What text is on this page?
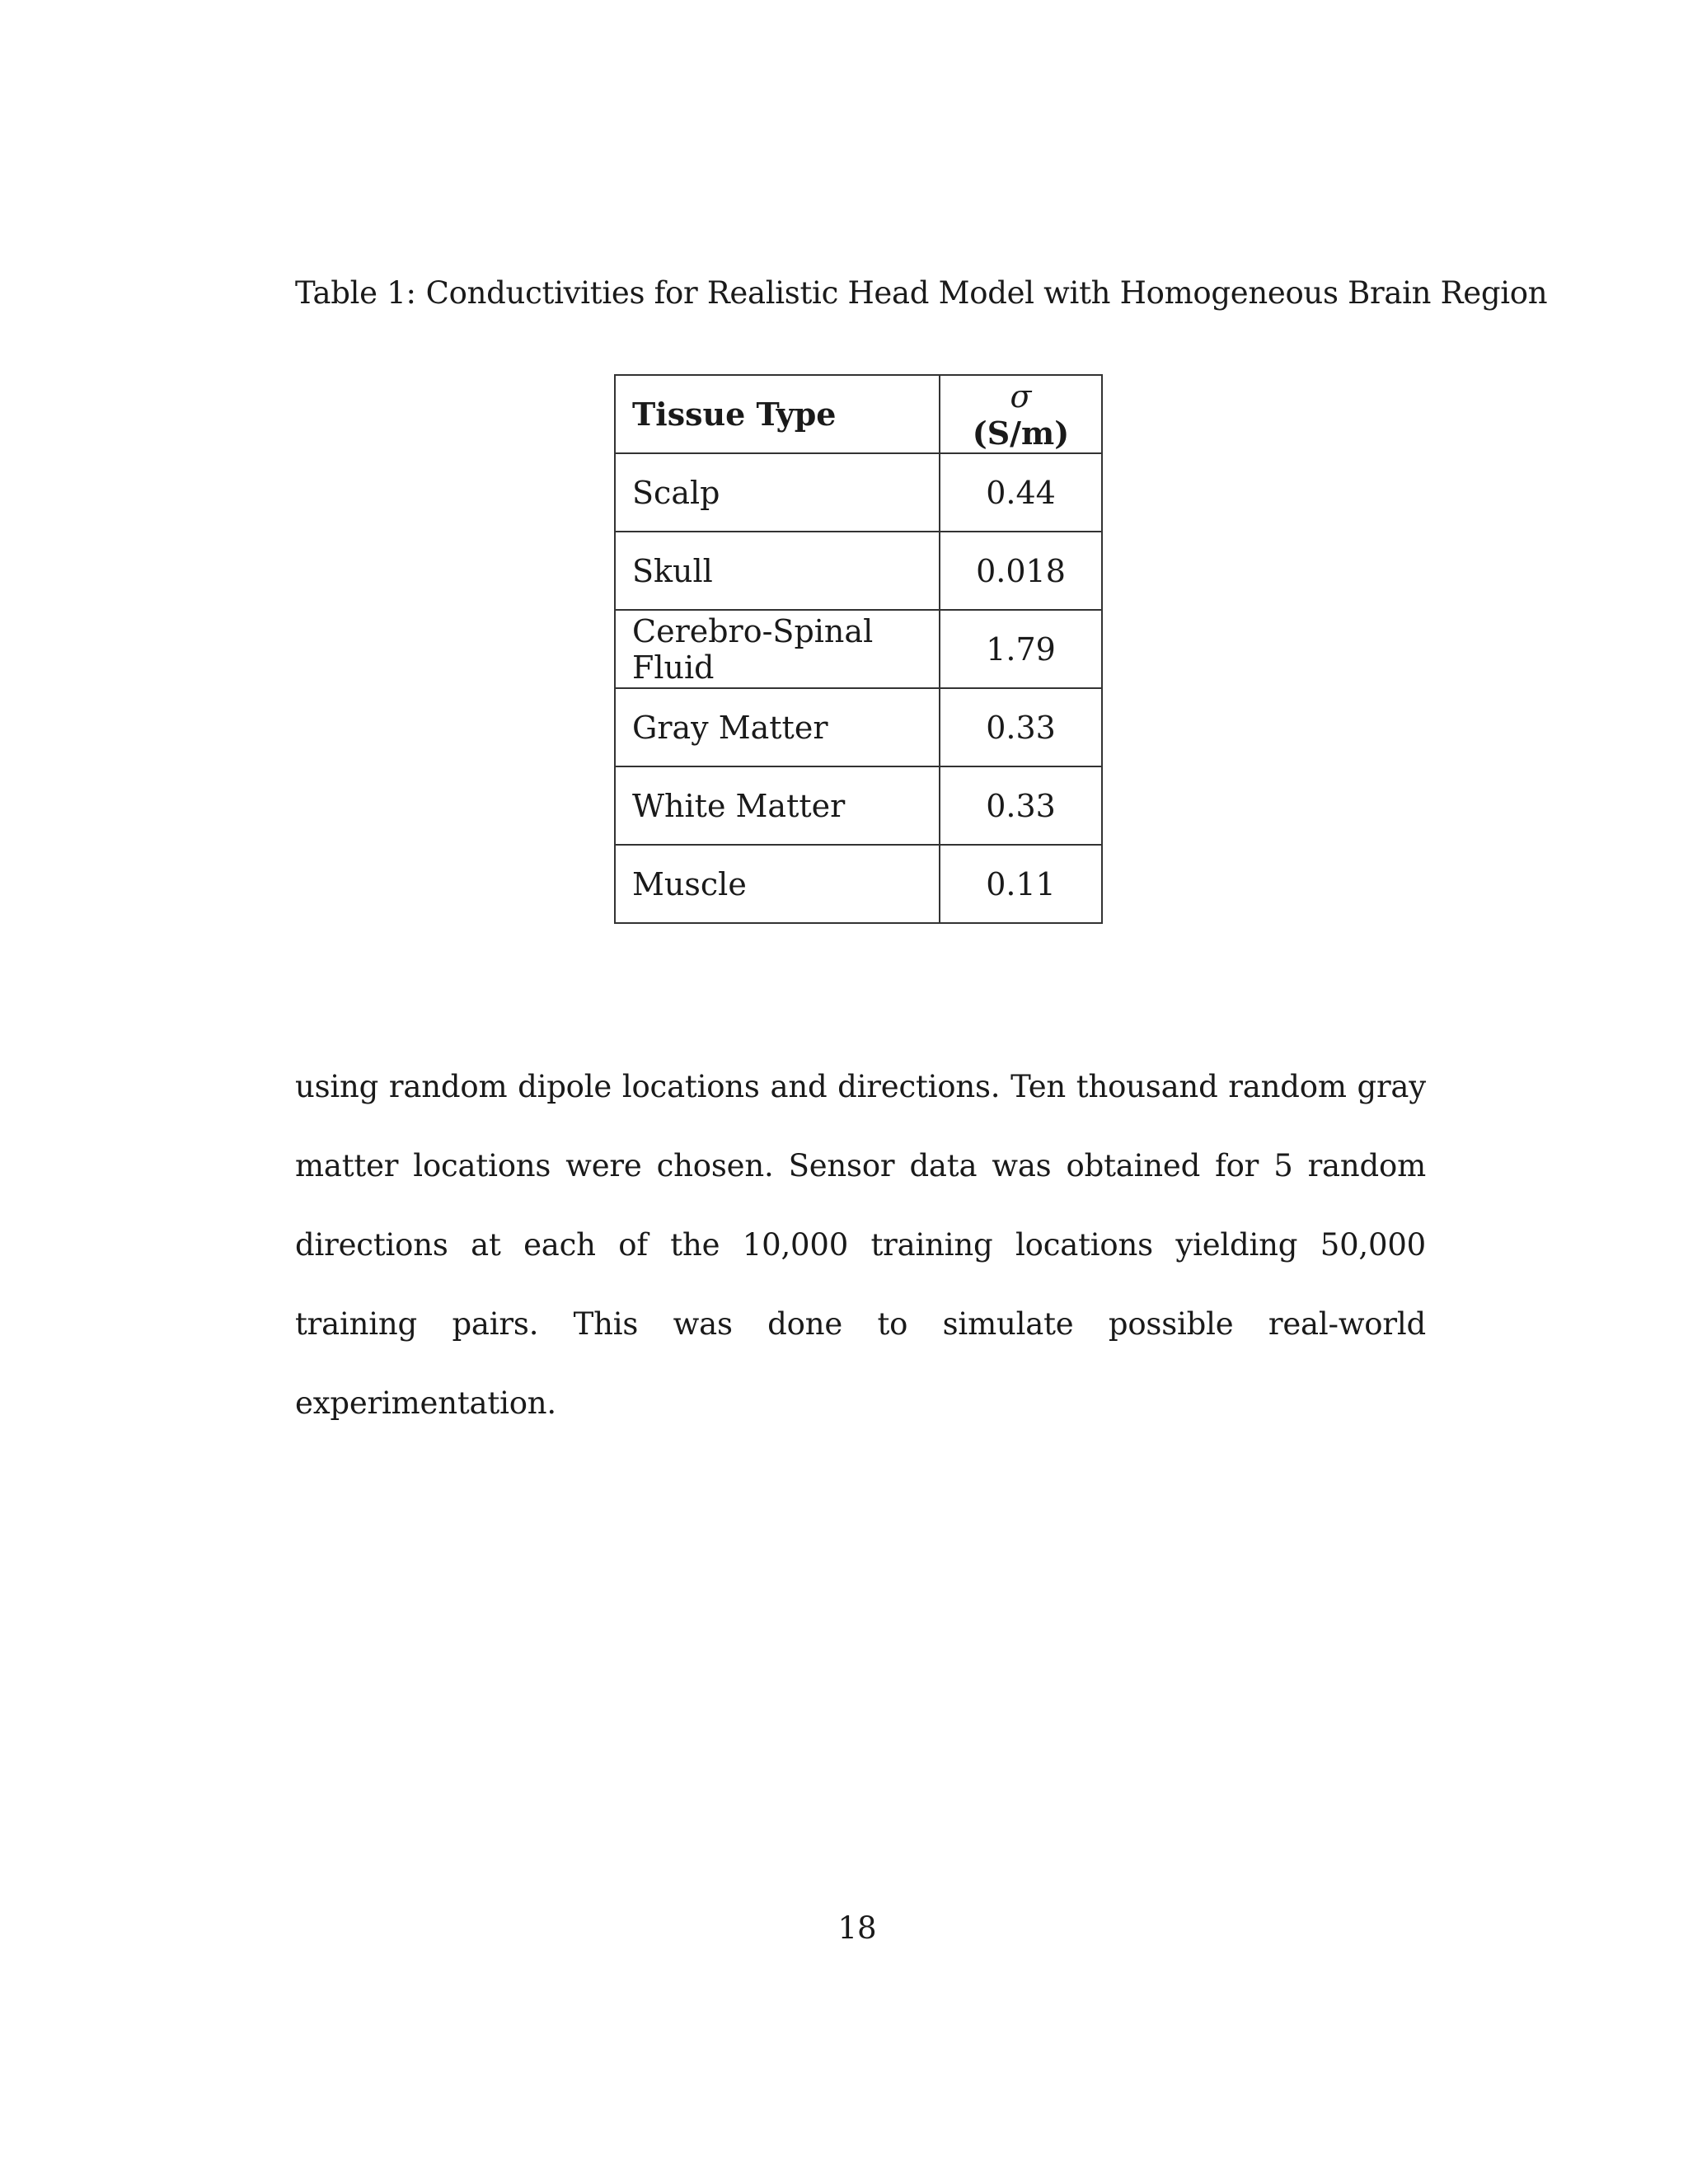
Table 1: Conductivities for Realistic Head Model with Homogeneous Brain Region
Tissue Type	σ (S/m)
Scalp	0.44
Skull	0.018
Cerebro-Spinal Fluid	1.79
Gray Matter	0.33
White Matter	0.33
Muscle	0.11

using random dipole locations and directions. Ten thousand random gray matter locations were chosen. Sensor data was obtained for 5 random directions at each of the 10,000 training locations yielding 50,000 training pairs. This was done to simulate possible real-world experimentation.

18
